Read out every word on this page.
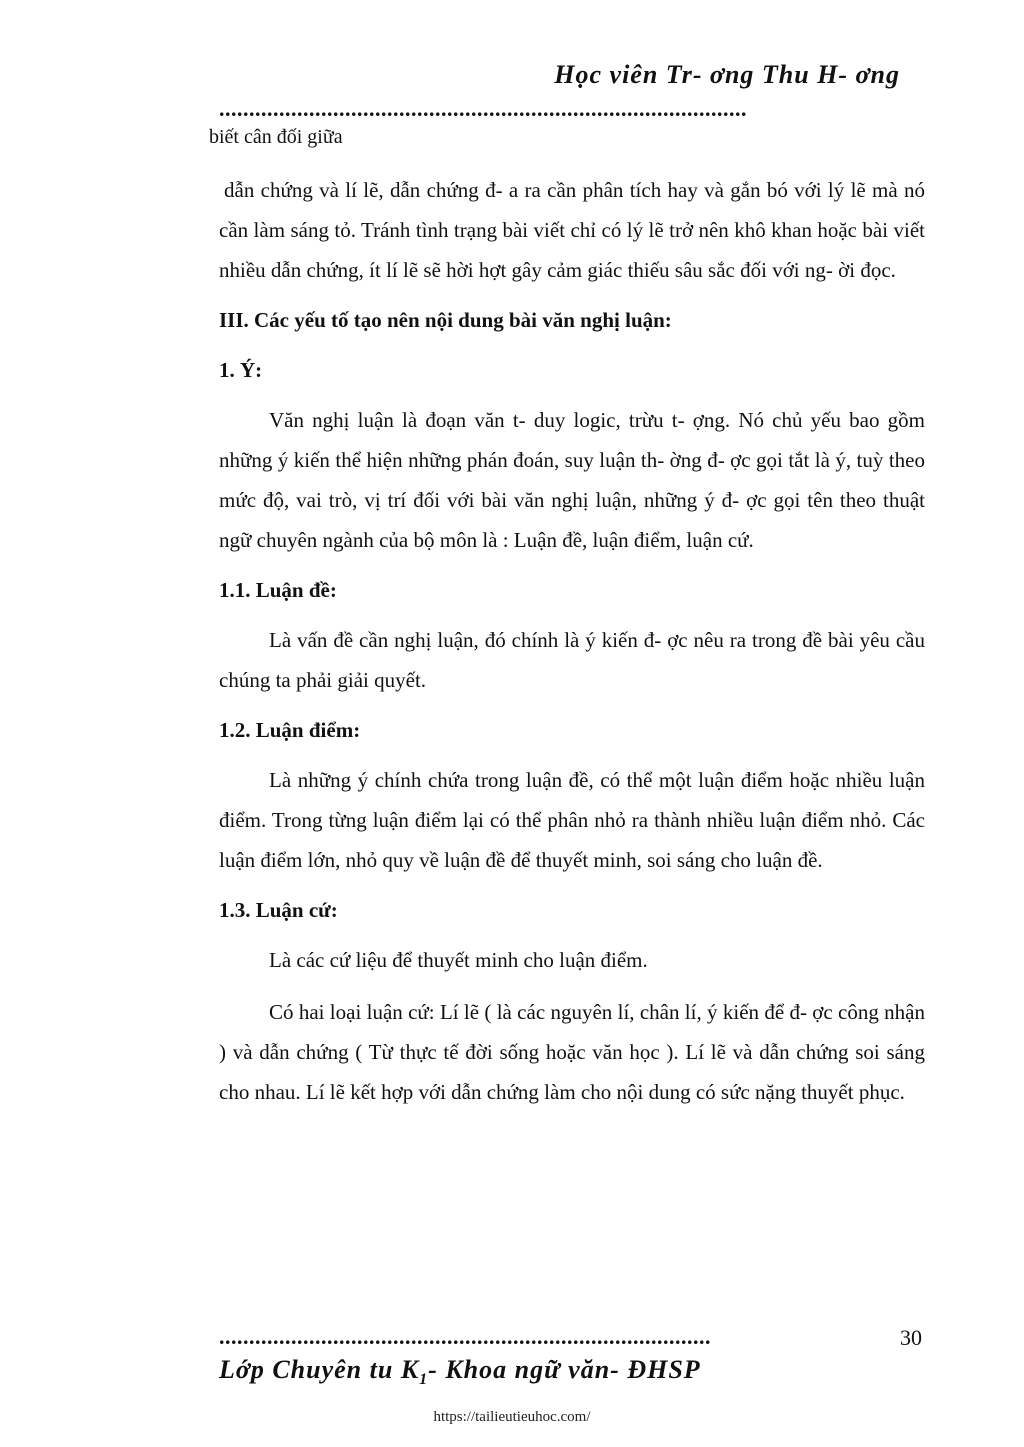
Học viên Tr- ơng Thu H- ơng
........................................................................................
biết cân đối giữa

dẫn chứng và lí lẽ, dẫn chứng đ- a ra cần phân tích hay và gắn bó với lý lẽ mà nó cần làm sáng tỏ. Tránh tình trạng bài viết chỉ có lý lẽ trở nên khô khan hoặc bài viết nhiều dẫn chứng, ít lí lẽ sẽ hời hợt gây cảm giác thiếu sâu sắc đối với ng- ời đọc.

III. Các yếu tố tạo nên nội dung bài văn nghị luận:
1. Ý:

Văn nghị luận là đoạn văn t- duy logic, trừu t- ợng. Nó chủ yếu bao gồm những ý kiến thể hiện những phán đoán, suy luận th- ờng đ- ợc gọi tắt là ý, tuỳ theo mức độ, vai trò, vị trí đối với bài văn nghị luận, những ý đ- ợc gọi tên theo thuật ngữ chuyên ngành của bộ môn là : Luận đề, luận điểm, luận cứ.

1.1. Luận đề:

Là vấn đề cần nghị luận, đó chính là ý kiến đ- ợc nêu ra trong đề bài yêu cầu chúng ta phải giải quyết.

1.2. Luận điểm:

Là những ý chính chứa trong luận đề, có thể một luận điểm hoặc nhiều luận điểm. Trong từng luận điểm lại có thể phân nhỏ ra thành nhiều luận điểm nhỏ. Các luận điểm lớn, nhỏ quy về luận đề để thuyết minh, soi sáng cho luận đề.

1.3. Luận cứ:

Là các cứ liệu để thuyết minh cho luận điểm.

Có hai loại luận cứ: Lí lẽ ( là các nguyên lí, chân lí, ý kiến để đ- ợc công nhận ) và dẫn chứng ( Từ thực tế đời sống hoặc văn học ). Lí lẽ và dẫn chứng soi sáng cho nhau. Lí lẽ kết hợp với dẫn chứng làm cho nội dung có sức nặng thuyết phục.

..................................................................................	30
Lớp Chuyên tu $K_1-$ Khoa ngữ văn- ĐHSP
https://tailieutieuhoc.com/
